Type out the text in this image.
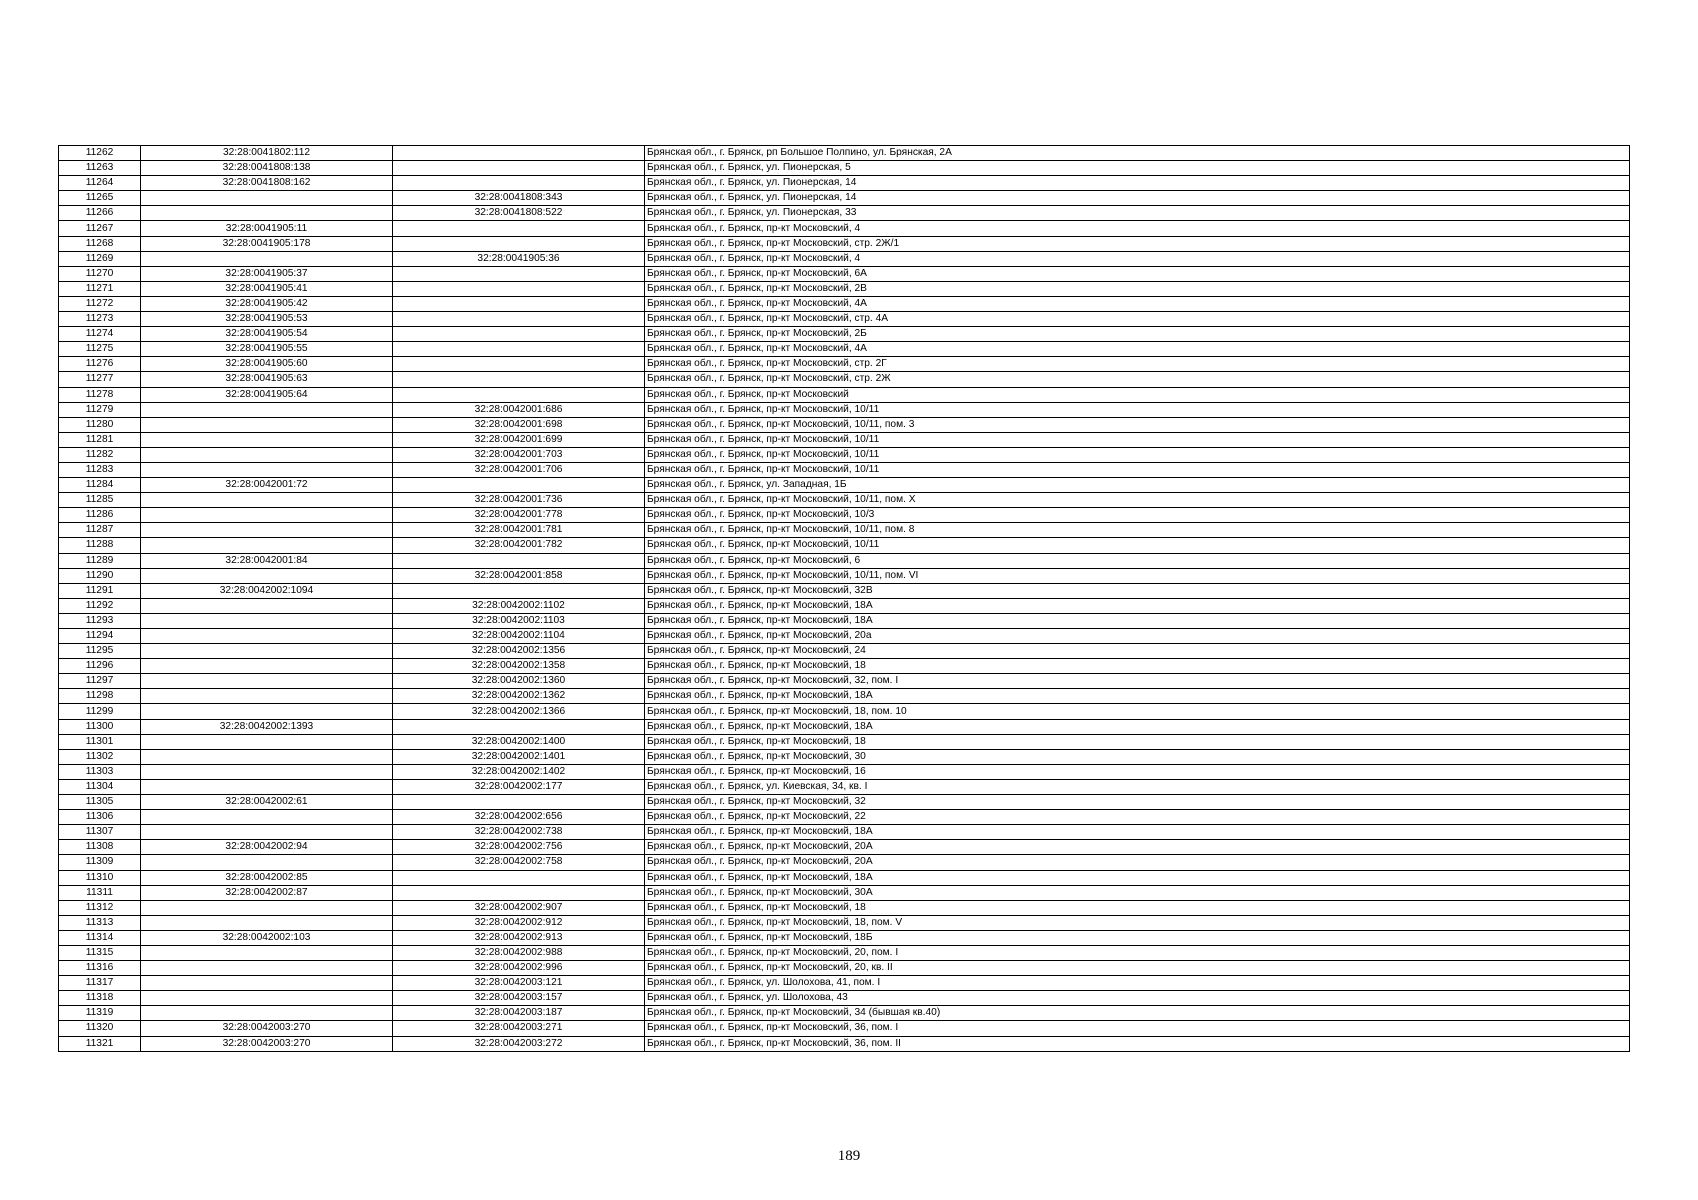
11262	32:28:0041802:112		Брянская обл., г. Брянск, рп Большое Полпино, ул. Брянская, 2А
11263	32:28:0041808:138		Брянская обл., г. Брянск, ул. Пионерская, 5
11264	32:28:0041808:162		Брянская обл., г. Брянск, ул. Пионерская, 14
11265		32:28:0041808:343	Брянская обл., г. Брянск, ул. Пионерская, 14
11266		32:28:0041808:522	Брянская обл., г. Брянск, ул. Пионерская, 33
11267	32:28:0041905:11		Брянская обл., г. Брянск, пр-кт Московский, 4
11268	32:28:0041905:178		Брянская обл., г. Брянск, пр-кт Московский, стр. 2Ж/1
11269		32:28:0041905:36	Брянская обл., г. Брянск, пр-кт Московский, 4
11270	32:28:0041905:37		Брянская обл., г. Брянск, пр-кт Московский, 6А
11271	32:28:0041905:41		Брянская обл., г. Брянск, пр-кт Московский, 2В
11272	32:28:0041905:42		Брянская обл., г. Брянск, пр-кт Московский, 4А
11273	32:28:0041905:53		Брянская обл., г. Брянск, пр-кт Московский, стр. 4А
11274	32:28:0041905:54		Брянская обл., г. Брянск, пр-кт Московский, 2Б
11275	32:28:0041905:55		Брянская обл., г. Брянск, пр-кт Московский, 4А
11276	32:28:0041905:60		Брянская обл., г. Брянск, пр-кт Московский, стр. 2Г
11277	32:28:0041905:63		Брянская обл., г. Брянск, пр-кт Московский, стр. 2Ж
11278	32:28:0041905:64		Брянская обл., г. Брянск, пр-кт Московский
11279		32:28:0042001:686	Брянская обл., г. Брянск, пр-кт Московский, 10/11
11280		32:28:0042001:698	Брянская обл., г. Брянск, пр-кт Московский, 10/11, пом. 3
11281		32:28:0042001:699	Брянская обл., г. Брянск, пр-кт Московский, 10/11
11282		32:28:0042001:703	Брянская обл., г. Брянск, пр-кт Московский, 10/11
11283		32:28:0042001:706	Брянская обл., г. Брянск, пр-кт Московский, 10/11
11284	32:28:0042001:72		Брянская обл., г. Брянск, ул. Западная, 1Б
11285		32:28:0042001:736	Брянская обл., г. Брянск, пр-кт Московский, 10/11, пом. Х
11286		32:28:0042001:778	Брянская обл., г. Брянск, пр-кт Московский, 10/3
11287		32:28:0042001:781	Брянская обл., г. Брянск, пр-кт Московский, 10/11, пом. 8
11288		32:28:0042001:782	Брянская обл., г. Брянск, пр-кт Московский, 10/11
11289	32:28:0042001:84		Брянская обл., г. Брянск, пр-кт Московский, 6
11290		32:28:0042001:858	Брянская обл., г. Брянск, пр-кт Московский, 10/11, пом. VI
11291	32:28:0042002:1094		Брянская обл., г. Брянск, пр-кт Московский, 32В
11292		32:28:0042002:1102	Брянская обл., г. Брянск, пр-кт Московский, 18А
11293		32:28:0042002:1103	Брянская обл., г. Брянск, пр-кт Московский, 18А
11294		32:28:0042002:1104	Брянская обл., г. Брянск, пр-кт Московский, 20а
11295		32:28:0042002:1356	Брянская обл., г. Брянск, пр-кт Московский, 24
11296		32:28:0042002:1358	Брянская обл., г. Брянск, пр-кт Московский, 18
11297		32:28:0042002:1360	Брянская обл., г. Брянск, пр-кт Московский, 32, пом. I
11298		32:28:0042002:1362	Брянская обл., г. Брянск, пр-кт Московский, 18А
11299		32:28:0042002:1366	Брянская обл., г. Брянск, пр-кт Московский, 18, пом. 10
11300	32:28:0042002:1393		Брянская обл., г. Брянск, пр-кт Московский, 18А
11301		32:28:0042002:1400	Брянская обл., г. Брянск, пр-кт Московский, 18
11302		32:28:0042002:1401	Брянская обл., г. Брянск, пр-кт Московский, 30
11303		32:28:0042002:1402	Брянская обл., г. Брянск, пр-кт Московский, 16
11304		32:28:0042002:177	Брянская обл., г. Брянск, ул. Киевская, 34, кв. I
11305	32:28:0042002:61		Брянская обл., г. Брянск, пр-кт Московский, 32
11306		32:28:0042002:656	Брянская обл., г. Брянск, пр-кт Московский, 22
11307		32:28:0042002:738	Брянская обл., г. Брянск, пр-кт Московский, 18А
11308	32:28:0042002:94	32:28:0042002:756	Брянская обл., г. Брянск, пр-кт Московский, 20А
11309		32:28:0042002:758	Брянская обл., г. Брянск, пр-кт Московский, 20А
11310	32:28:0042002:85		Брянская обл., г. Брянск, пр-кт Московский, 18А
11311	32:28:0042002:87		Брянская обл., г. Брянск, пр-кт Московский, 30А
11312		32:28:0042002:907	Брянская обл., г. Брянск, пр-кт Московский, 18
11313		32:28:0042002:912	Брянская обл., г. Брянск, пр-кт Московский, 18, пом. V
11314	32:28:0042002:103	32:28:0042002:913	Брянская обл., г. Брянск, пр-кт Московский, 18Б
11315		32:28:0042002:988	Брянская обл., г. Брянск, пр-кт Московский, 20, пом. I
11316		32:28:0042002:996	Брянская обл., г. Брянск, пр-кт Московский, 20, кв. II
11317		32:28:0042003:121	Брянская обл., г. Брянск, ул. Шолохова, 41, пом. I
11318		32:28:0042003:157	Брянская обл., г. Брянск, ул. Шолохова, 43
11319		32:28:0042003:187	Брянская обл., г. Брянск, пр-кт Московский, 34 (бывшая кв.40)
11320	32:28:0042003:270	32:28:0042003:271	Брянская обл., г. Брянск, пр-кт Московский, 36, пом. I
11321	32:28:0042003:270	32:28:0042003:272	Брянская обл., г. Брянск, пр-кт Московский, 36, пом. II
189
